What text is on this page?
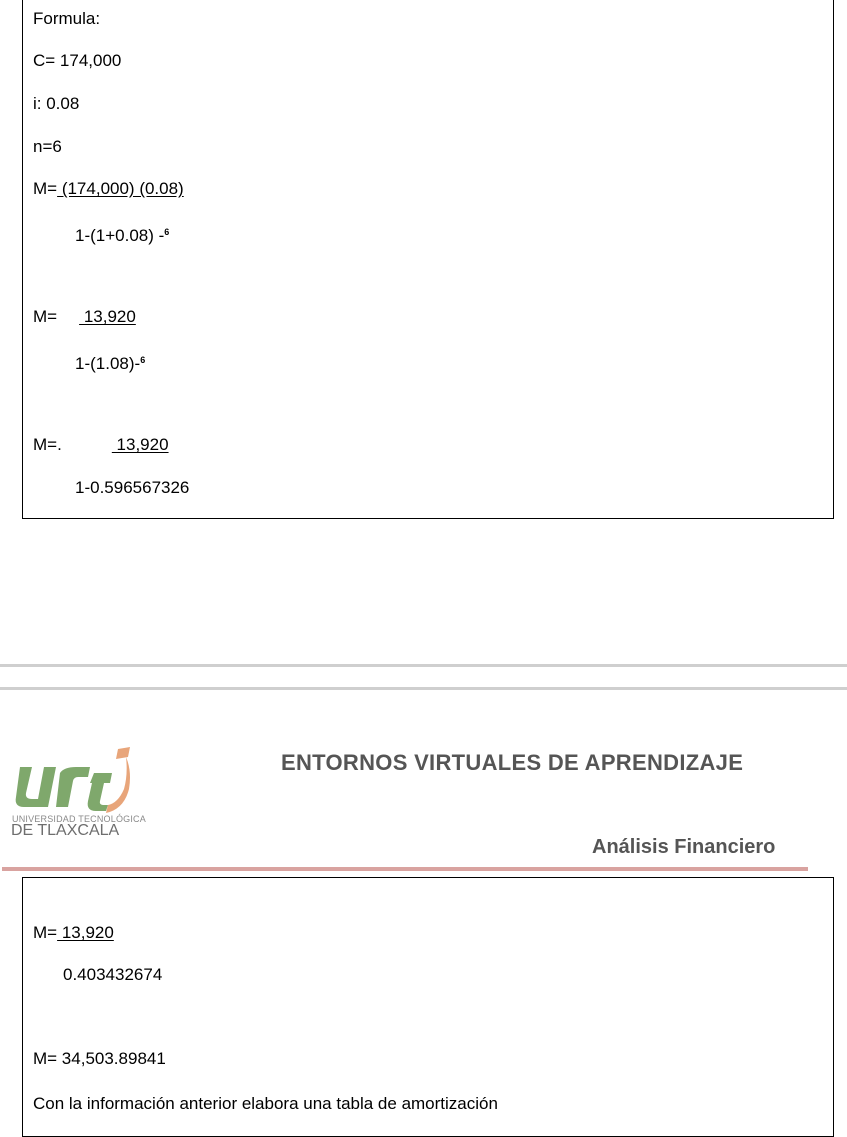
Formula:
C= 174,000
i: 0.08
n=6
M= (174,000) (0.08)
1-(1+0.08) -$^6$
M= 13,920
1-(1.08)-$^6$
M=.	13,920
1-0.596567326
UNIVERSIDAD TECNOLÓGICA
DE TLAXCALA
ENTORNOS VIRTUALES DE APRENDIZAJE
Análisis Financiero
M= 13,920
0.403432674
M= 34,503.89841
Con la información anterior elabora una tabla de amortización
